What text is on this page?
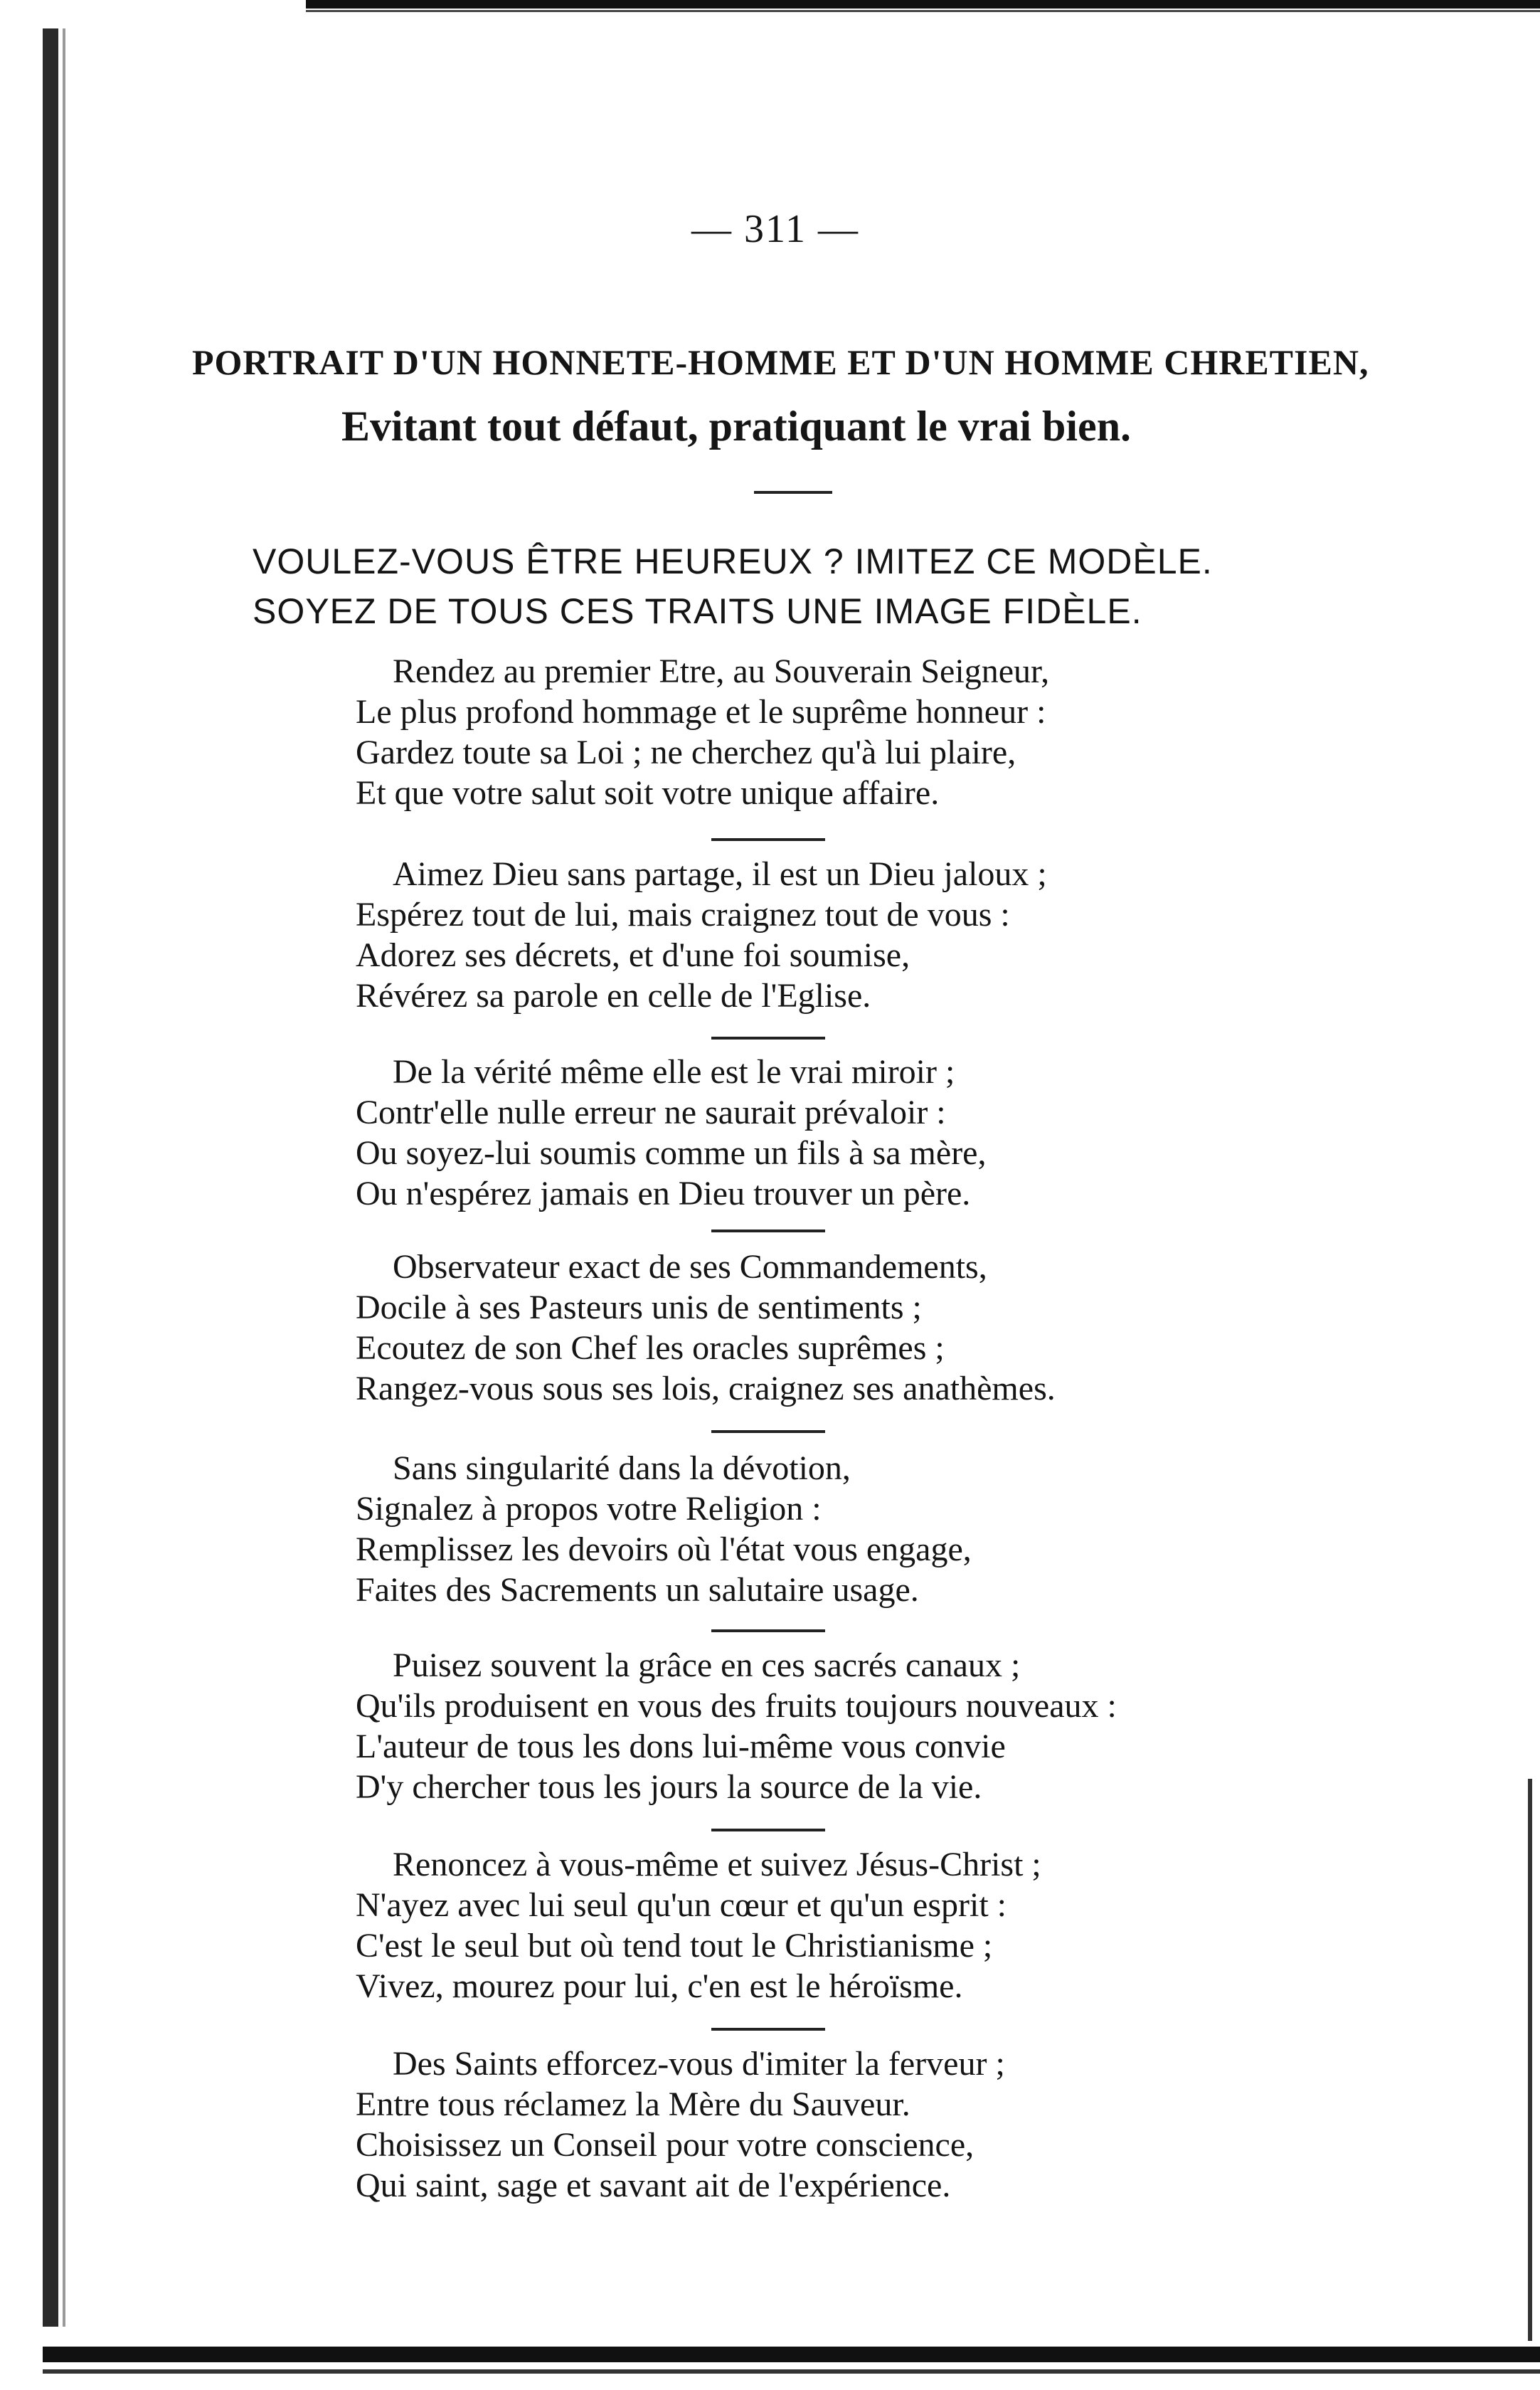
— 311 —
PORTRAIT D'UN HONNETE-HOMME ET D'UN HOMME CHRETIEN,
Evitant tout défaut, pratiquant le vrai bien.
VOULEZ-VOUS ÊTRE HEUREUX ? IMITEZ CE MODÈLE.
SOYEZ DE TOUS CES TRAITS UNE IMAGE FIDÈLE.
Rendez au premier Etre, au Souverain Seigneur,
Le plus profond hommage et le suprême honneur :
Gardez toute sa Loi ; ne cherchez qu'à lui plaire,
Et que votre salut soit votre unique affaire.
Aimez Dieu sans partage, il est un Dieu jaloux ;
Espérez tout de lui, mais craignez tout de vous :
Adorez ses décrets, et d'une foi soumise,
Révérez sa parole en celle de l'Eglise.
De la vérité même elle est le vrai miroir ;
Contr'elle nulle erreur ne saurait prévaloir :
Ou soyez-lui soumis comme un fils à sa mère,
Ou n'espérez jamais en Dieu trouver un père.
Observateur exact de ses Commandements,
Docile à ses Pasteurs unis de sentiments ;
Ecoutez de son Chef les oracles suprêmes ;
Rangez-vous sous ses lois, craignez ses anathèmes.
Sans singularité dans la dévotion,
Signalez à propos votre Religion :
Remplissez les devoirs où l'état vous engage,
Faites des Sacrements un salutaire usage.
Puisez souvent la grâce en ces sacrés canaux ;
Qu'ils produisent en vous des fruits toujours nouveaux :
L'auteur de tous les dons lui-même vous convie
D'y chercher tous les jours la source de la vie.
Renoncez à vous-même et suivez Jésus-Christ ;
N'ayez avec lui seul qu'un cœur et qu'un esprit :
C'est le seul but où tend tout le Christianisme ;
Vivez, mourez pour lui, c'en est le héroïsme.
Des Saints efforcez-vous d'imiter la ferveur ;
Entre tous réclamez la Mère du Sauveur.
Choisissez un Conseil pour votre conscience,
Qui saint, sage et savant ait de l'expérience.
